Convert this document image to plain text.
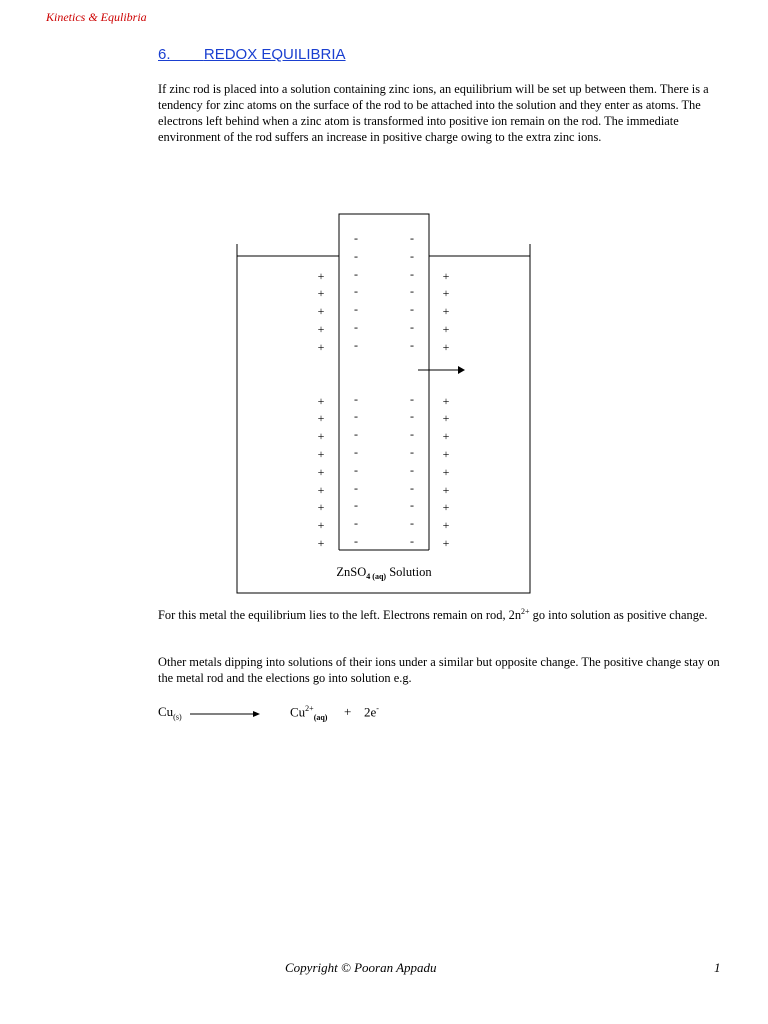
Kinetics & Equlibria
6. REDOX EQUILIBRIA

If zinc rod is placed into a solution containing zinc ions, an equilibrium will be set up between them. There is a tendency for zinc atoms on the surface of the rod to be attached into the solution and they enter as atoms. The electrons left behind when a zinc atom is transformed into positive ion remain on the rod. The immediate environment of the rod suffers an increase in positive charge owing to the extra zinc ions.

-	-
-	-
-	-
-	-
-	-
-	-
-	-
-	-
-	-
-	-
-	-
-	-
-	-
-	-
-	-
-	-
+	+
+	+
+	+
+	+
+	+
+	+
+	+
+	+
+	+
+	+
+	+
+	+
+	+
+	+
ZnSO$_{4 (aq)}$ Solution

For this metal the equilibrium lies to the left. Electrons remain on rod, $2n^{2+}$ go into solution as positive change.

Other metals dipping into solutions of their ions under a similar but opposite change. The positive change stay on the metal rod and the elections go into solution e.g.

$Cu_{(s)}$	$Cu^{2+}_{(aq)} + 2e^-$
Copyright © Pooran Appadu	1
